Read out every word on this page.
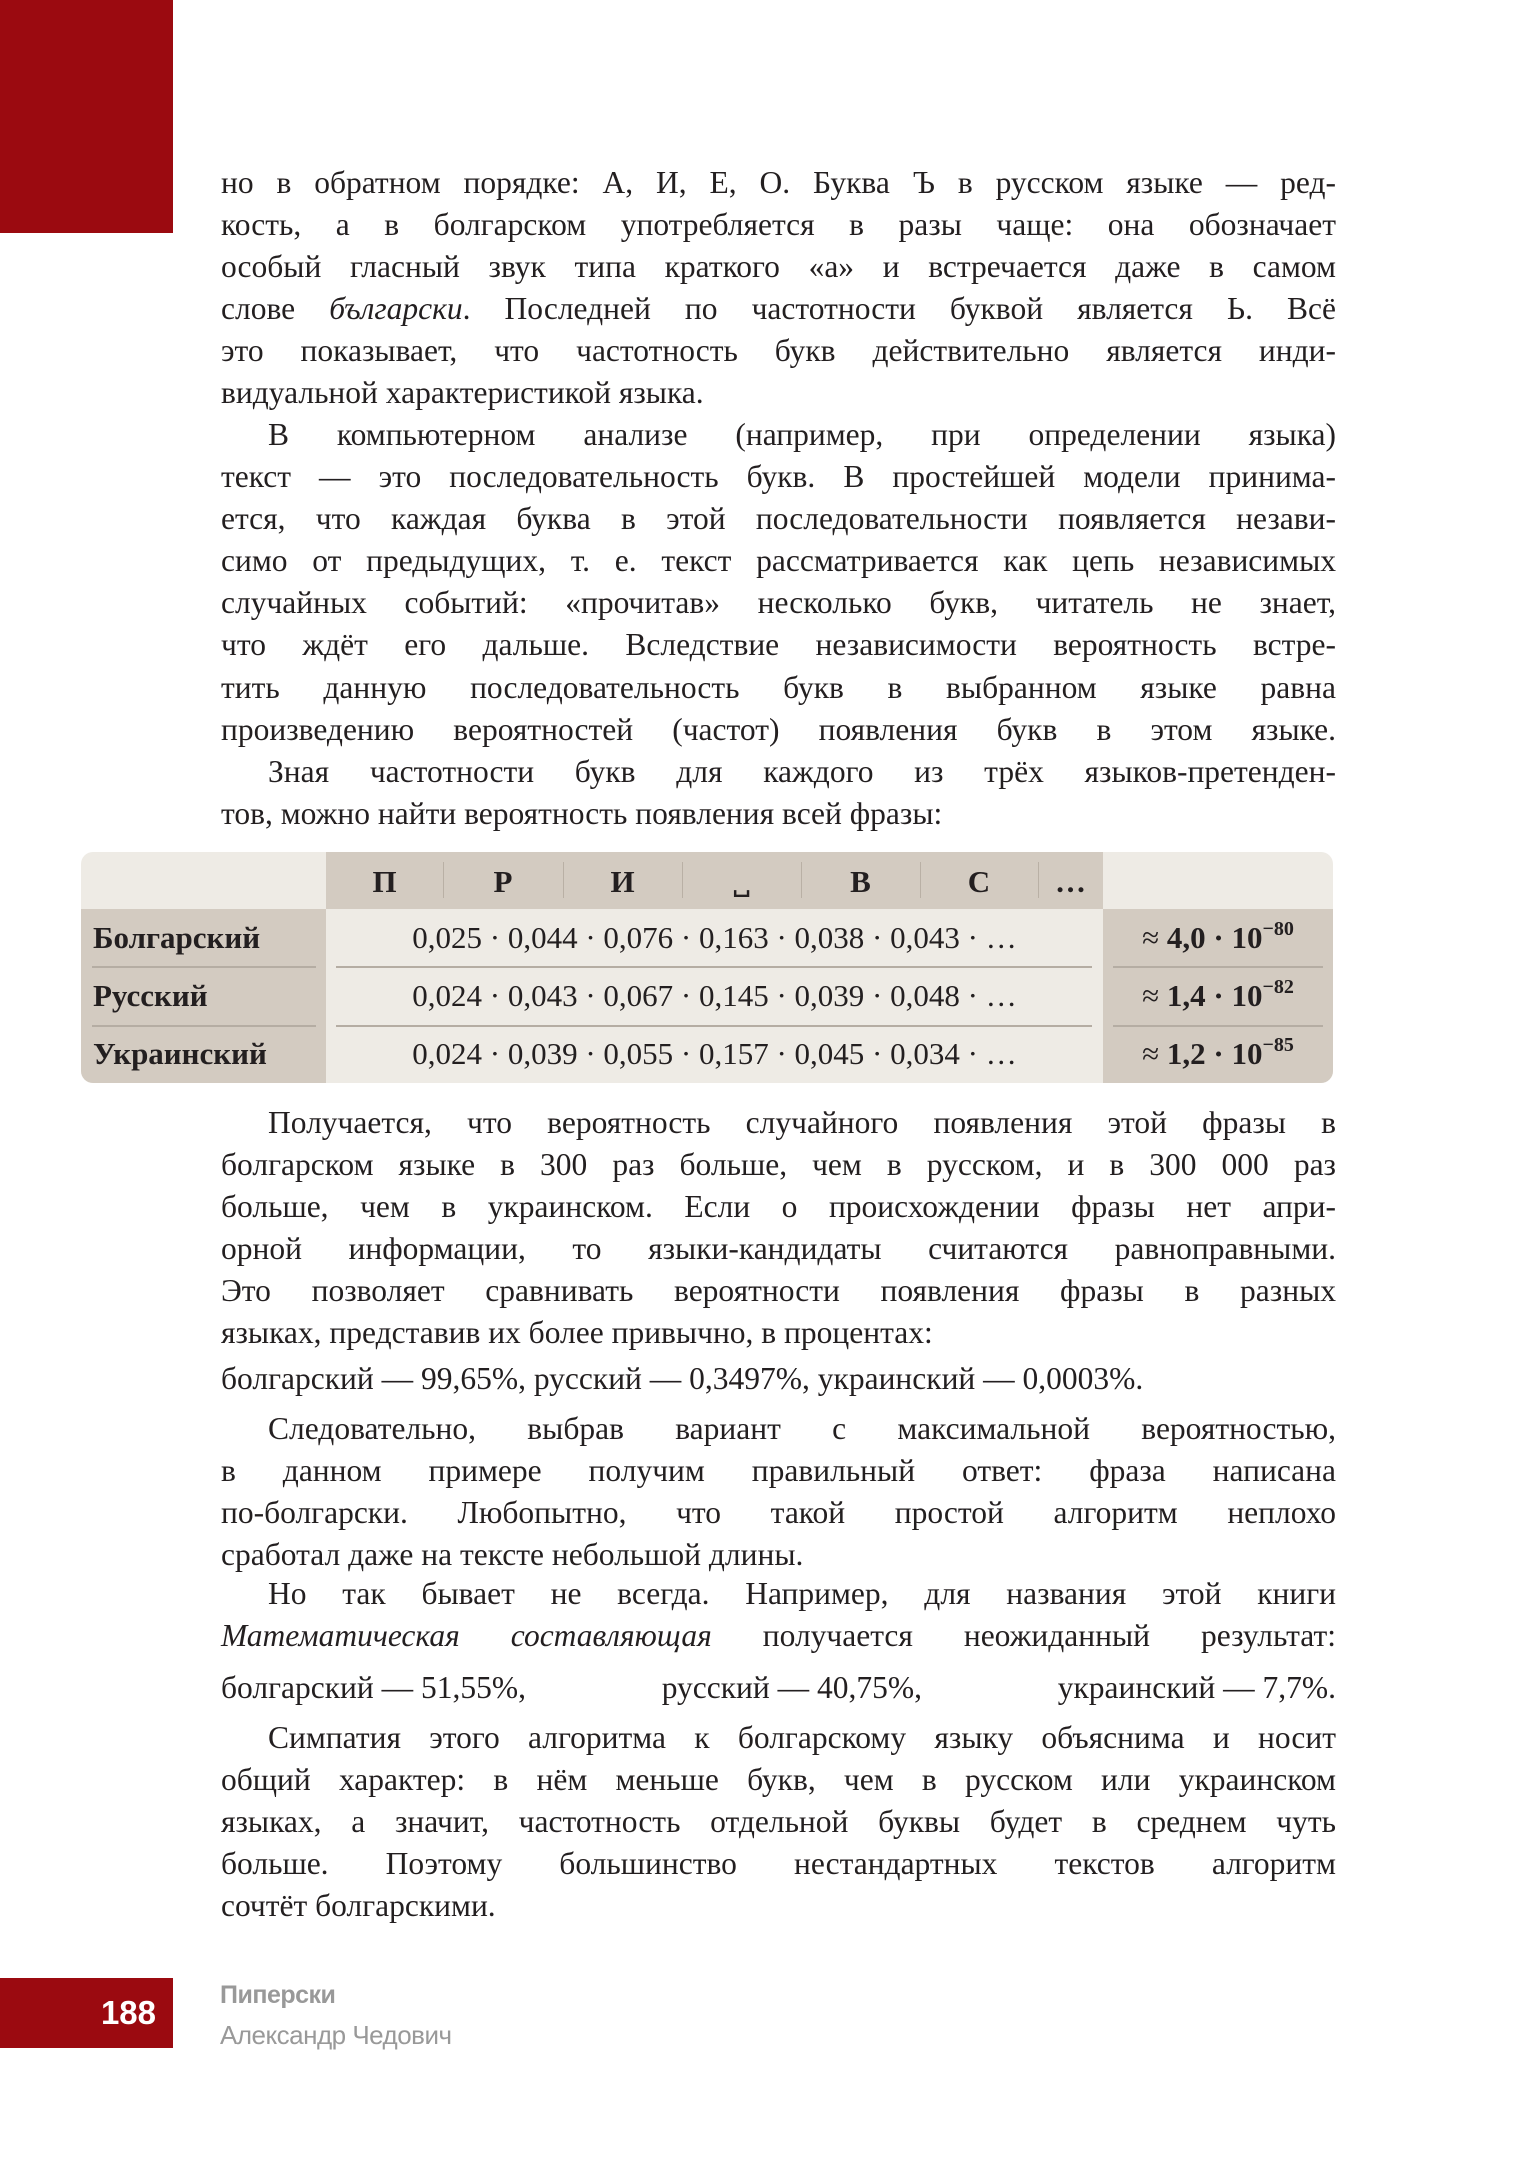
но в обратном порядке: А, И, Е, О. Буква Ъ в русском языке — ред-
кость, а в болгарском употребляется в разы чаще: она обозначает
особый гласный звук типа краткого «а» и встречается даже в самом
слове български. Последней по частотности буквой является Ь. Всё
это показывает, что частотность букв действительно является инди-
видуальной характеристикой языка.
В компьютерном анализе (например, при определении языка)
текст — это последовательность букв. В простейшей модели принима-
ется, что каждая буква в этой последовательности появляется незави-
симо от предыдущих, т. е. текст рассматривается как цепь независимых
случайных событий: «прочитав» несколько букв, читатель не знает,
что ждёт его дальше. Вследствие независимости вероятность встре-
тить данную последовательность букв в выбранном языке равна
произведению вероятностей (частот) появления букв в этом языке.
Зная частотности букв для каждого из трёх языков-претенден-
тов, можно найти вероятность появления всей фразы:
П	Р	И	␣	В	С	…
Болгарский	0,025 · 0,044 · 0,076 · 0,163 · 0,038 · 0,043 · …	≈ $4,0 \cdot 10^{-80}$
Русский	0,024 · 0,043 · 0,067 · 0,145 · 0,039 · 0,048 · …	≈ $1,4 \cdot 10^{-82}$
Украинский	0,024 · 0,039 · 0,055 · 0,157 · 0,045 · 0,034 · …	≈ $1,2 \cdot 10^{-85}$
Получается, что вероятность случайного появления этой фразы в
болгарском языке в 300 раз больше, чем в русском, и в 300 000 раз
больше, чем в украинском. Если о происхождении фразы нет апри-
орной информации, то языки-кандидаты считаются равноправными.
Это позволяет сравнивать вероятности появления фразы в разных
языках, представив их более привычно, в процентах:
болгарский — 99,65%, русский — 0,3497%, украинский — 0,0003%.
Следовательно, выбрав вариант с максимальной вероятностью,
в данном примере получим правильный ответ: фраза написана
по-болгарски. Любопытно, что такой простой алгоритм неплохо
сработал даже на тексте небольшой длины.
Но так бывает не всегда. Например, для названия этой книги
Математическая составляющая получается неожиданный результат:
болгарский — 51,55%,	русский — 40,75%,	украинский — 7,7%.
Симпатия этого алгоритма к болгарскому языку объяснима и носит
общий характер: в нём меньше букв, чем в русском или украинском
языках, а значит, частотность отдельной буквы будет в среднем чуть
больше. Поэтому большинство нестандартных текстов алгоритм
сочтёт болгарскими.
188	Пиперски
Александр Чедович
